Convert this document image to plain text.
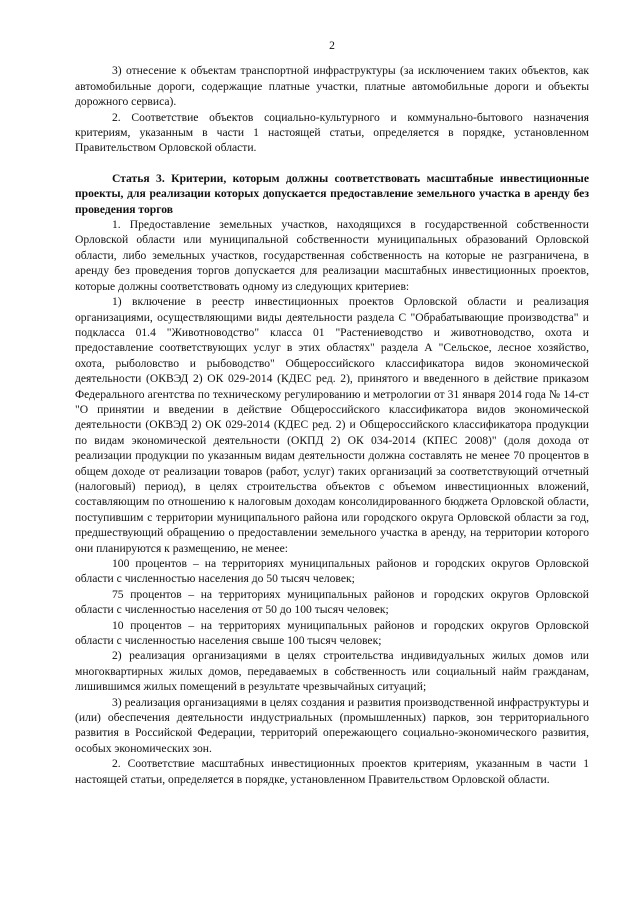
2

3) отнесение к объектам транспортной инфраструктуры (за исключением таких объектов, как автомобильные дороги, содержащие платные участки, платные автомобильные дороги и объекты дорожного сервиса).

2. Соответствие объектов социально-культурного и коммунально-бытового назначения критериям, указанным в части 1 настоящей статьи, определяется в порядке, установленном Правительством Орловской области.

Статья 3. Критерии, которым должны соответствовать масштабные инвестиционные проекты, для реализации которых допускается предоставление земельного участка в аренду без проведения торгов

1. Предоставление земельных участков, находящихся в государственной собственности Орловской области или муниципальной собственности муниципальных образований Орловской области, либо земельных участков, государственная собственность на которые не разграничена, в аренду без проведения торгов допускается для реализации масштабных инвестиционных проектов, которые должны соответствовать одному из следующих критериев:

1) включение в реестр инвестиционных проектов Орловской области и реализация организациями, осуществляющими виды деятельности раздела С "Обрабатывающие производства" и подкласса 01.4 "Животноводство" класса 01 "Растениеводство и животноводство, охота и предоставление соответствующих услуг в этих областях" раздела А "Сельское, лесное хозяйство, охота, рыболовство и рыбоводство" Общероссийского классификатора видов экономической деятельности (ОКВЭД 2) ОК 029-2014 (КДЕС ред. 2), принятого и введенного в действие приказом Федерального агентства по техническому регулированию и метрологии от 31 января 2014 года № 14-ст "О принятии и введении в действие Общероссийского классификатора видов экономической деятельности (ОКВЭД 2) ОК 029-2014 (КДЕС ред. 2) и Общероссийского классификатора продукции по видам экономической деятельности (ОКПД 2) ОК 034-2014 (КПЕС 2008)" (доля дохода от реализации продукции по указанным видам деятельности должна составлять не менее 70 процентов в общем доходе от реализации товаров (работ, услуг) таких организаций за соответствующий отчетный (налоговый) период), в целях строительства объектов с объемом инвестиционных вложений, составляющим по отношению к налоговым доходам консолидированного бюджета Орловской области, поступившим с территории муниципального района или городского округа Орловской области за год, предшествующий обращению о предоставлении земельного участка в аренду, на территории которого они планируются к размещению, не менее:

100 процентов – на территориях муниципальных районов и городских округов Орловской области с численностью населения до 50 тысяч человек;

75 процентов – на территориях муниципальных районов и городских округов Орловской области с численностью населения от 50 до 100 тысяч человек;

10 процентов – на территориях муниципальных районов и городских округов Орловской области с численностью населения свыше 100 тысяч человек;

2) реализация организациями в целях строительства индивидуальных жилых домов или многоквартирных жилых домов, передаваемых в собственность или социальный найм гражданам, лишившимся жилых помещений в результате чрезвычайных ситуаций;

3) реализация организациями в целях создания и развития производственной инфраструктуры и (или) обеспечения деятельности индустриальных (промышленных) парков, зон территориального развития в Российской Федерации, территорий опережающего социально-экономического развития, особых экономических зон.

2. Соответствие масштабных инвестиционных проектов критериям, указанным в части 1 настоящей статьи, определяется в порядке, установленном Правительством Орловской области.
